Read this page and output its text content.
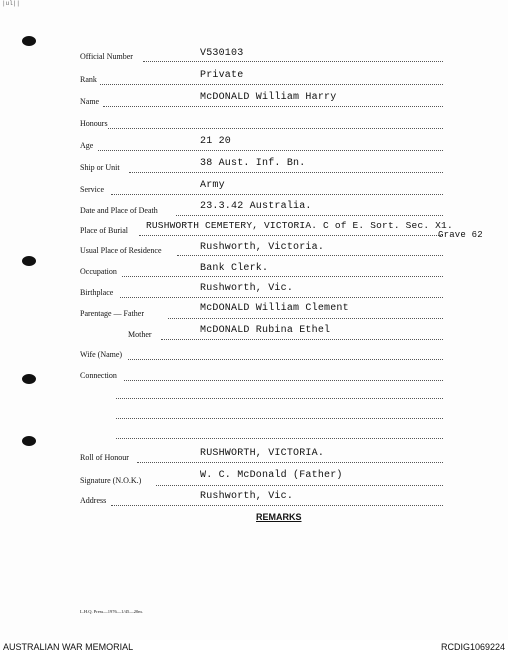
|ul||
Official Number	V530103
Rank	Private
Name	McDONALD William Harry
Honours
Age	21 20
Ship or Unit	38 Aust. Inf. Bn.
Service	Army
Date and Place of Death	23.3.42 Australia.
Place of Burial RUSHWORTH CEMETERY, VICTORIA. C of E. Sort. Sec. X1.
Grave 62
Usual Place of Residence	Rushworth, Victoria.
Occupation	Bank Clerk.
Birthplace	Rushworth, Vic.
Parentage — Father	McDONALD William Clement
Mother	McDONALD Rubina Ethel
Wife (Name)
Connection
Roll of Honour	RUSHWORTH, VICTORIA.
Signature (N.O.K.)	W. C. McDonald (Father)
Address	Rushworth, Vic.
REMARKS
L.H.Q. Press—1976—1/45—20m.
AUSTRALIAN WAR MEMORIAL	RCDIG1069224
